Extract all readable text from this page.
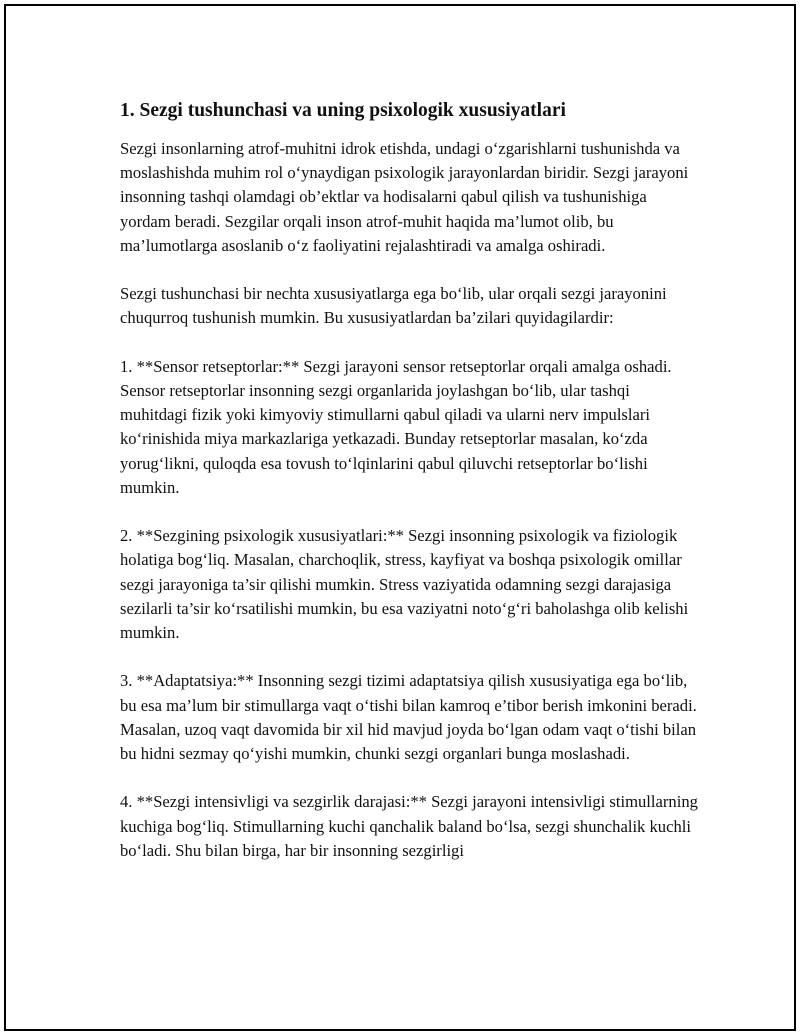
1. Sezgi tushunchasi va uning psixologik xususiyatlari

Sezgi insonlarning atrof-muhitni idrok etishda, undagi o‘zgarishlarni tushunishda va moslashishda muhim rol o‘ynaydigan psixologik jarayonlardan biridir. Sezgi jarayoni insonning tashqi olamdagi ob’ektlar va hodisalarni qabul qilish va tushunishiga yordam beradi. Sezgilar orqali inson atrof-muhit haqida ma’lumot olib, bu ma’lumotlarga asoslanib o‘z faoliyatini rejalashtiradi va amalga oshiradi.

Sezgi tushunchasi bir nechta xususiyatlarga ega bo‘lib, ular orqali sezgi jarayonini chuqurroq tushunish mumkin. Bu xususiyatlardan ba’zilari quyidagilardir:

1. **Sensor retseptorlar:** Sezgi jarayoni sensor retseptorlar orqali amalga oshadi. Sensor retseptorlar insonning sezgi organlarida joylashgan bo‘lib, ular tashqi muhitdagi fizik yoki kimyoviy stimullarni qabul qiladi va ularni nerv impulslari ko‘rinishida miya markazlariga yetkazadi. Bunday retseptorlar masalan, ko‘zda yorug‘likni, quloqda esa tovush to‘lqinlarini qabul qiluvchi retseptorlar bo‘lishi mumkin.

2. **Sezgining psixologik xususiyatlari:** Sezgi insonning psixologik va fiziologik holatiga bog‘liq. Masalan, charchoqlik, stress, kayfiyat va boshqa psixologik omillar sezgi jarayoniga ta’sir qilishi mumkin. Stress vaziyatida odamning sezgi darajasiga sezilarli ta’sir ko‘rsatilishi mumkin, bu esa vaziyatni noto‘g‘ri baholashga olib kelishi mumkin.

3. **Adaptatsiya:** Insonning sezgi tizimi adaptatsiya qilish xususiyatiga ega bo‘lib, bu esa ma’lum bir stimullarga vaqt o‘tishi bilan kamroq e’tibor berish imkonini beradi. Masalan, uzoq vaqt davomida bir xil hid mavjud joyda bo‘lgan odam vaqt o‘tishi bilan bu hidni sezmay qo‘yishi mumkin, chunki sezgi organlari bunga moslashadi.

4. **Sezgi intensivligi va sezgirlik darajasi:** Sezgi jarayoni intensivligi stimullarning kuchiga bog‘liq. Stimullarning kuchi qanchalik baland bo‘lsa, sezgi shunchalik kuchli bo‘ladi. Shu bilan birga, har bir insonning sezgirligi
